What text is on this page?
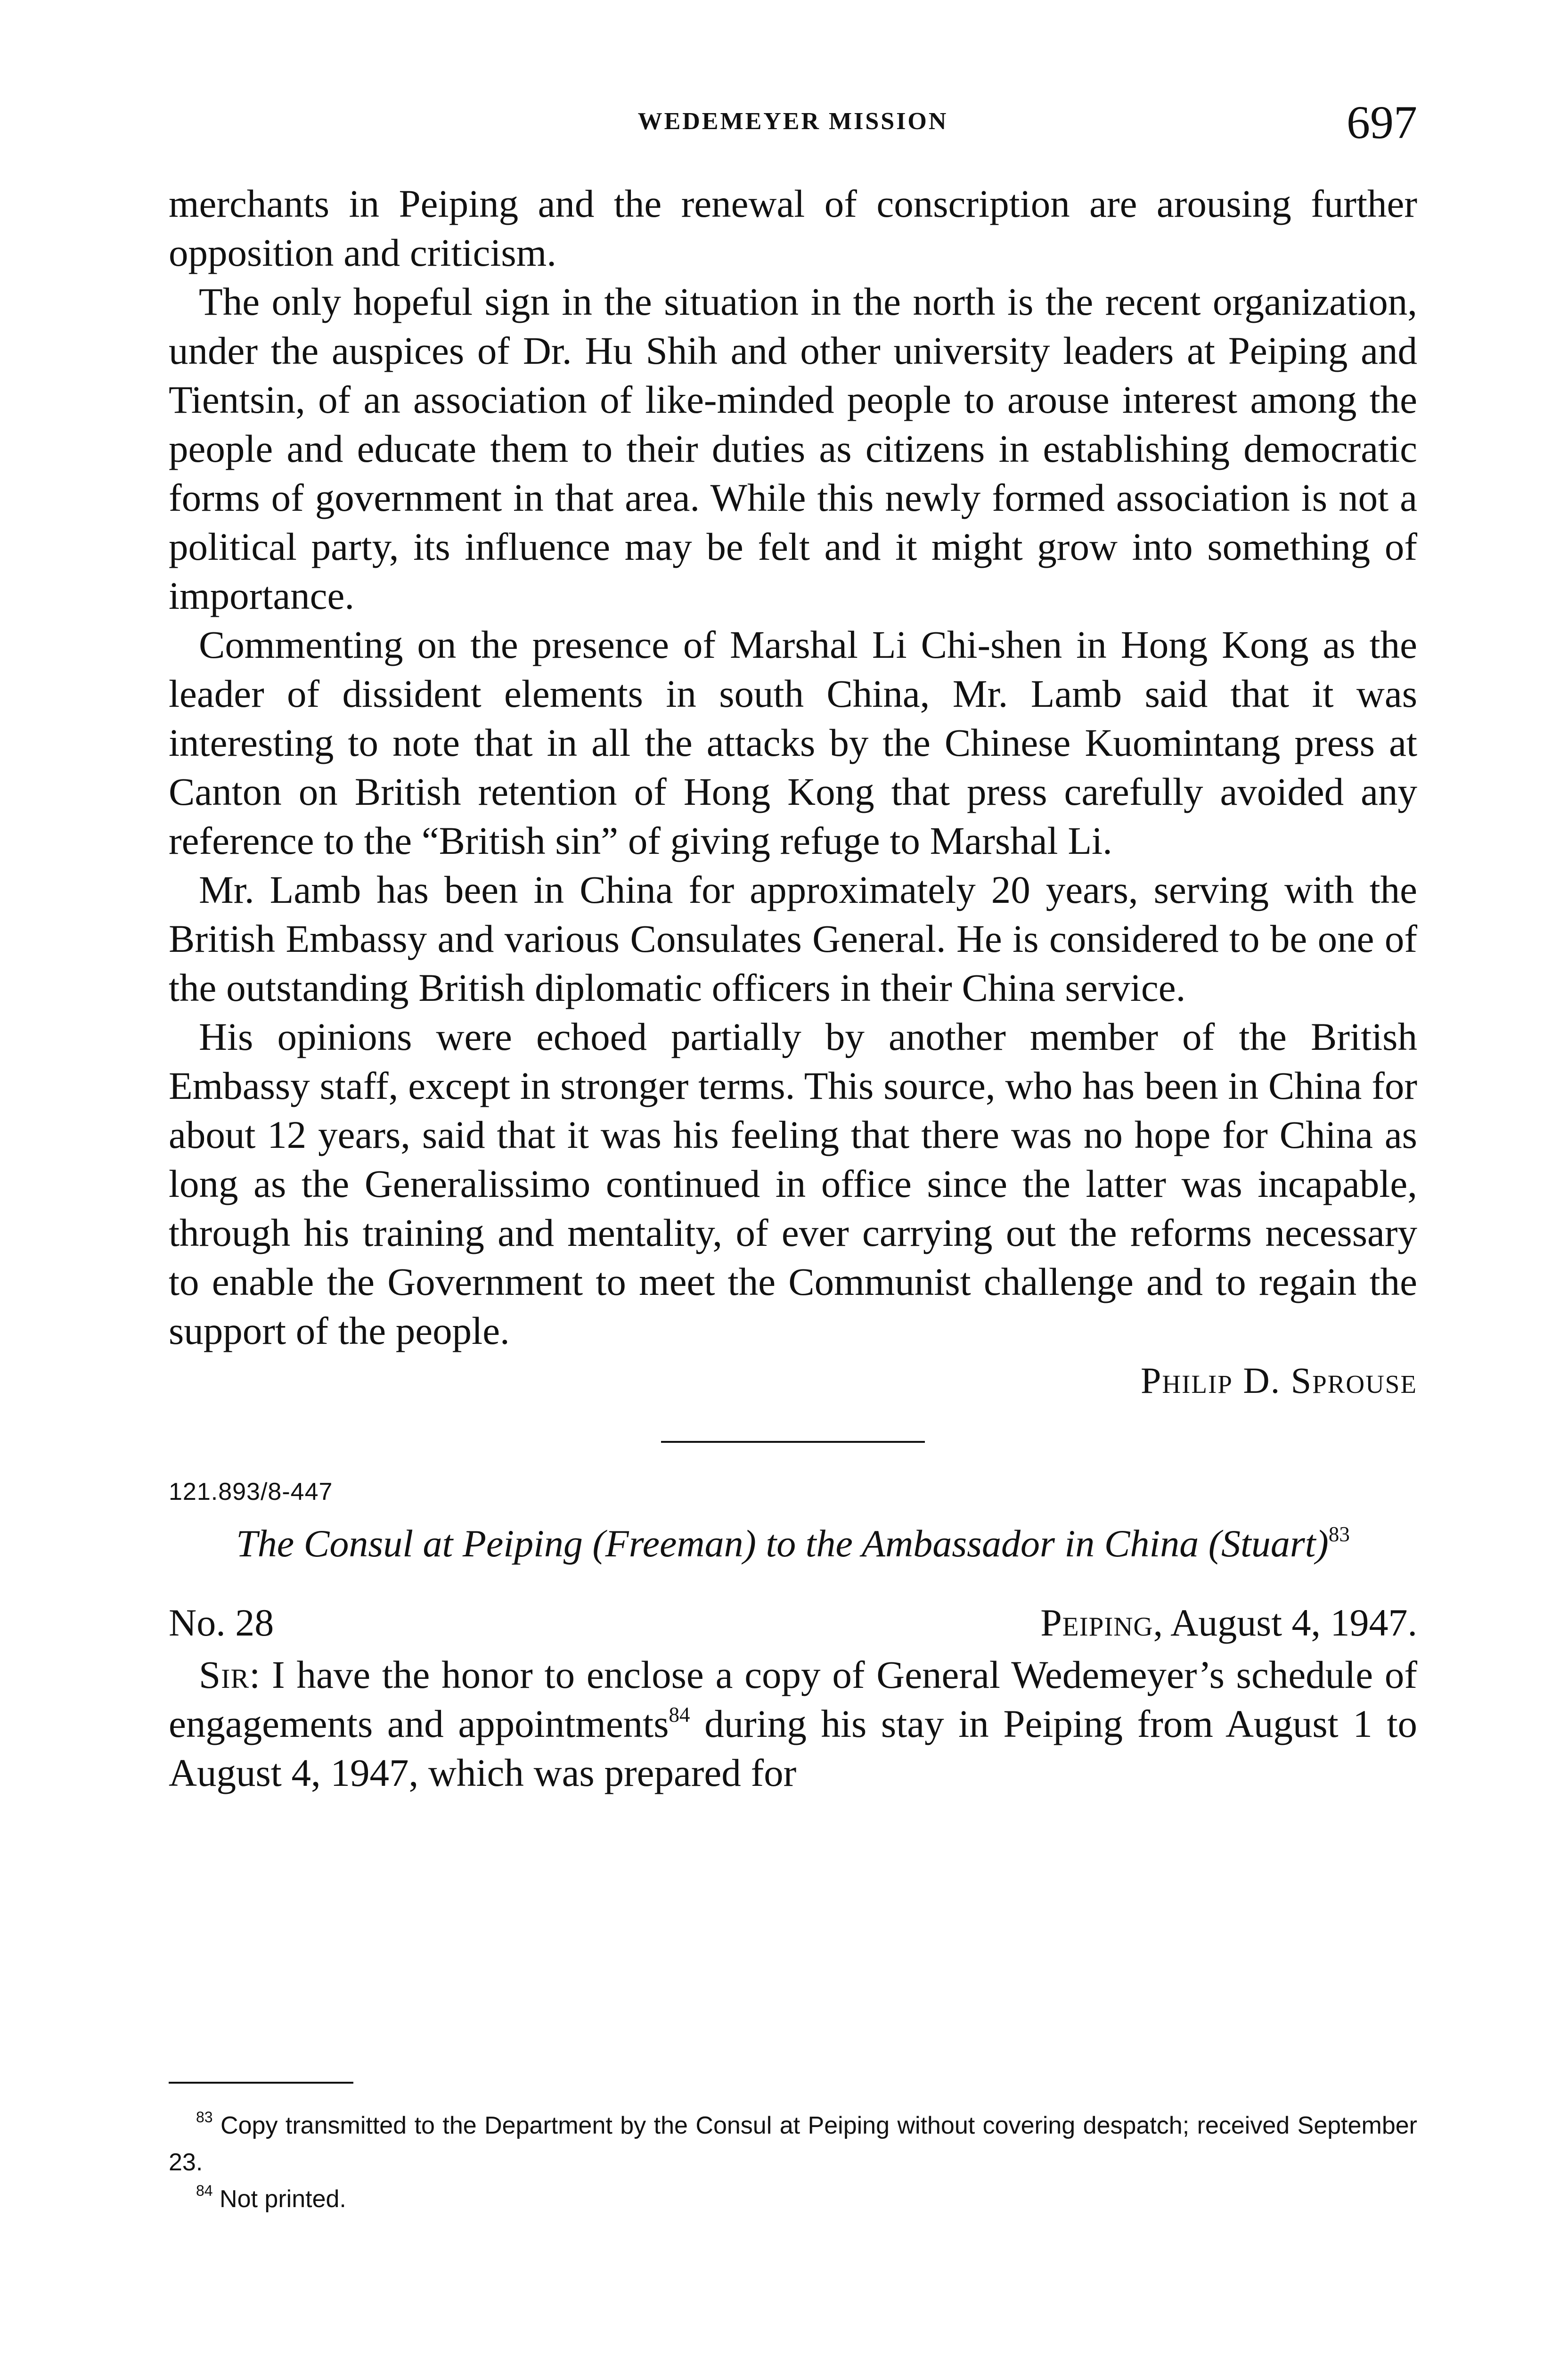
WEDEMEYER MISSION	697

merchants in Peiping and the renewal of conscription are arousing further opposition and criticism.

The only hopeful sign in the situation in the north is the recent organization, under the auspices of Dr. Hu Shih and other university leaders at Peiping and Tientsin, of an association of like-minded people to arouse interest among the people and educate them to their duties as citizens in establishing democratic forms of government in that area. While this newly formed association is not a political party, its influence may be felt and it might grow into something of importance.

Commenting on the presence of Marshal Li Chi-shen in Hong Kong as the leader of dissident elements in south China, Mr. Lamb said that it was interesting to note that in all the attacks by the Chinese Kuomintang press at Canton on British retention of Hong Kong that press carefully avoided any reference to the “British sin” of giving refuge to Marshal Li.

Mr. Lamb has been in China for approximately 20 years, serving with the British Embassy and various Consulates General. He is considered to be one of the outstanding British diplomatic officers in their China service.

His opinions were echoed partially by another member of the British Embassy staff, except in stronger terms. This source, who has been in China for about 12 years, said that it was his feeling that there was no hope for China as long as the Generalissimo continued in office since the latter was incapable, through his training and mentality, of ever carrying out the reforms necessary to enable the Government to meet the Communist challenge and to regain the support of the people.

Philip D. Sprouse
121.893/8-447
The Consul at Peiping (Freeman) to the Ambassador in China (Stuart)$^{83}$
No. 28	Peiping, August 4, 1947.

Sir: I have the honor to enclose a copy of General Wedemeyer’s schedule of engagements and appointments$^{84}$ during his stay in Peiping from August 1 to August 4, 1947, which was prepared for

$^{83}$ Copy transmitted to the Department by the Consul at Peiping without covering despatch; received September 23.

$^{84}$ Not printed.
